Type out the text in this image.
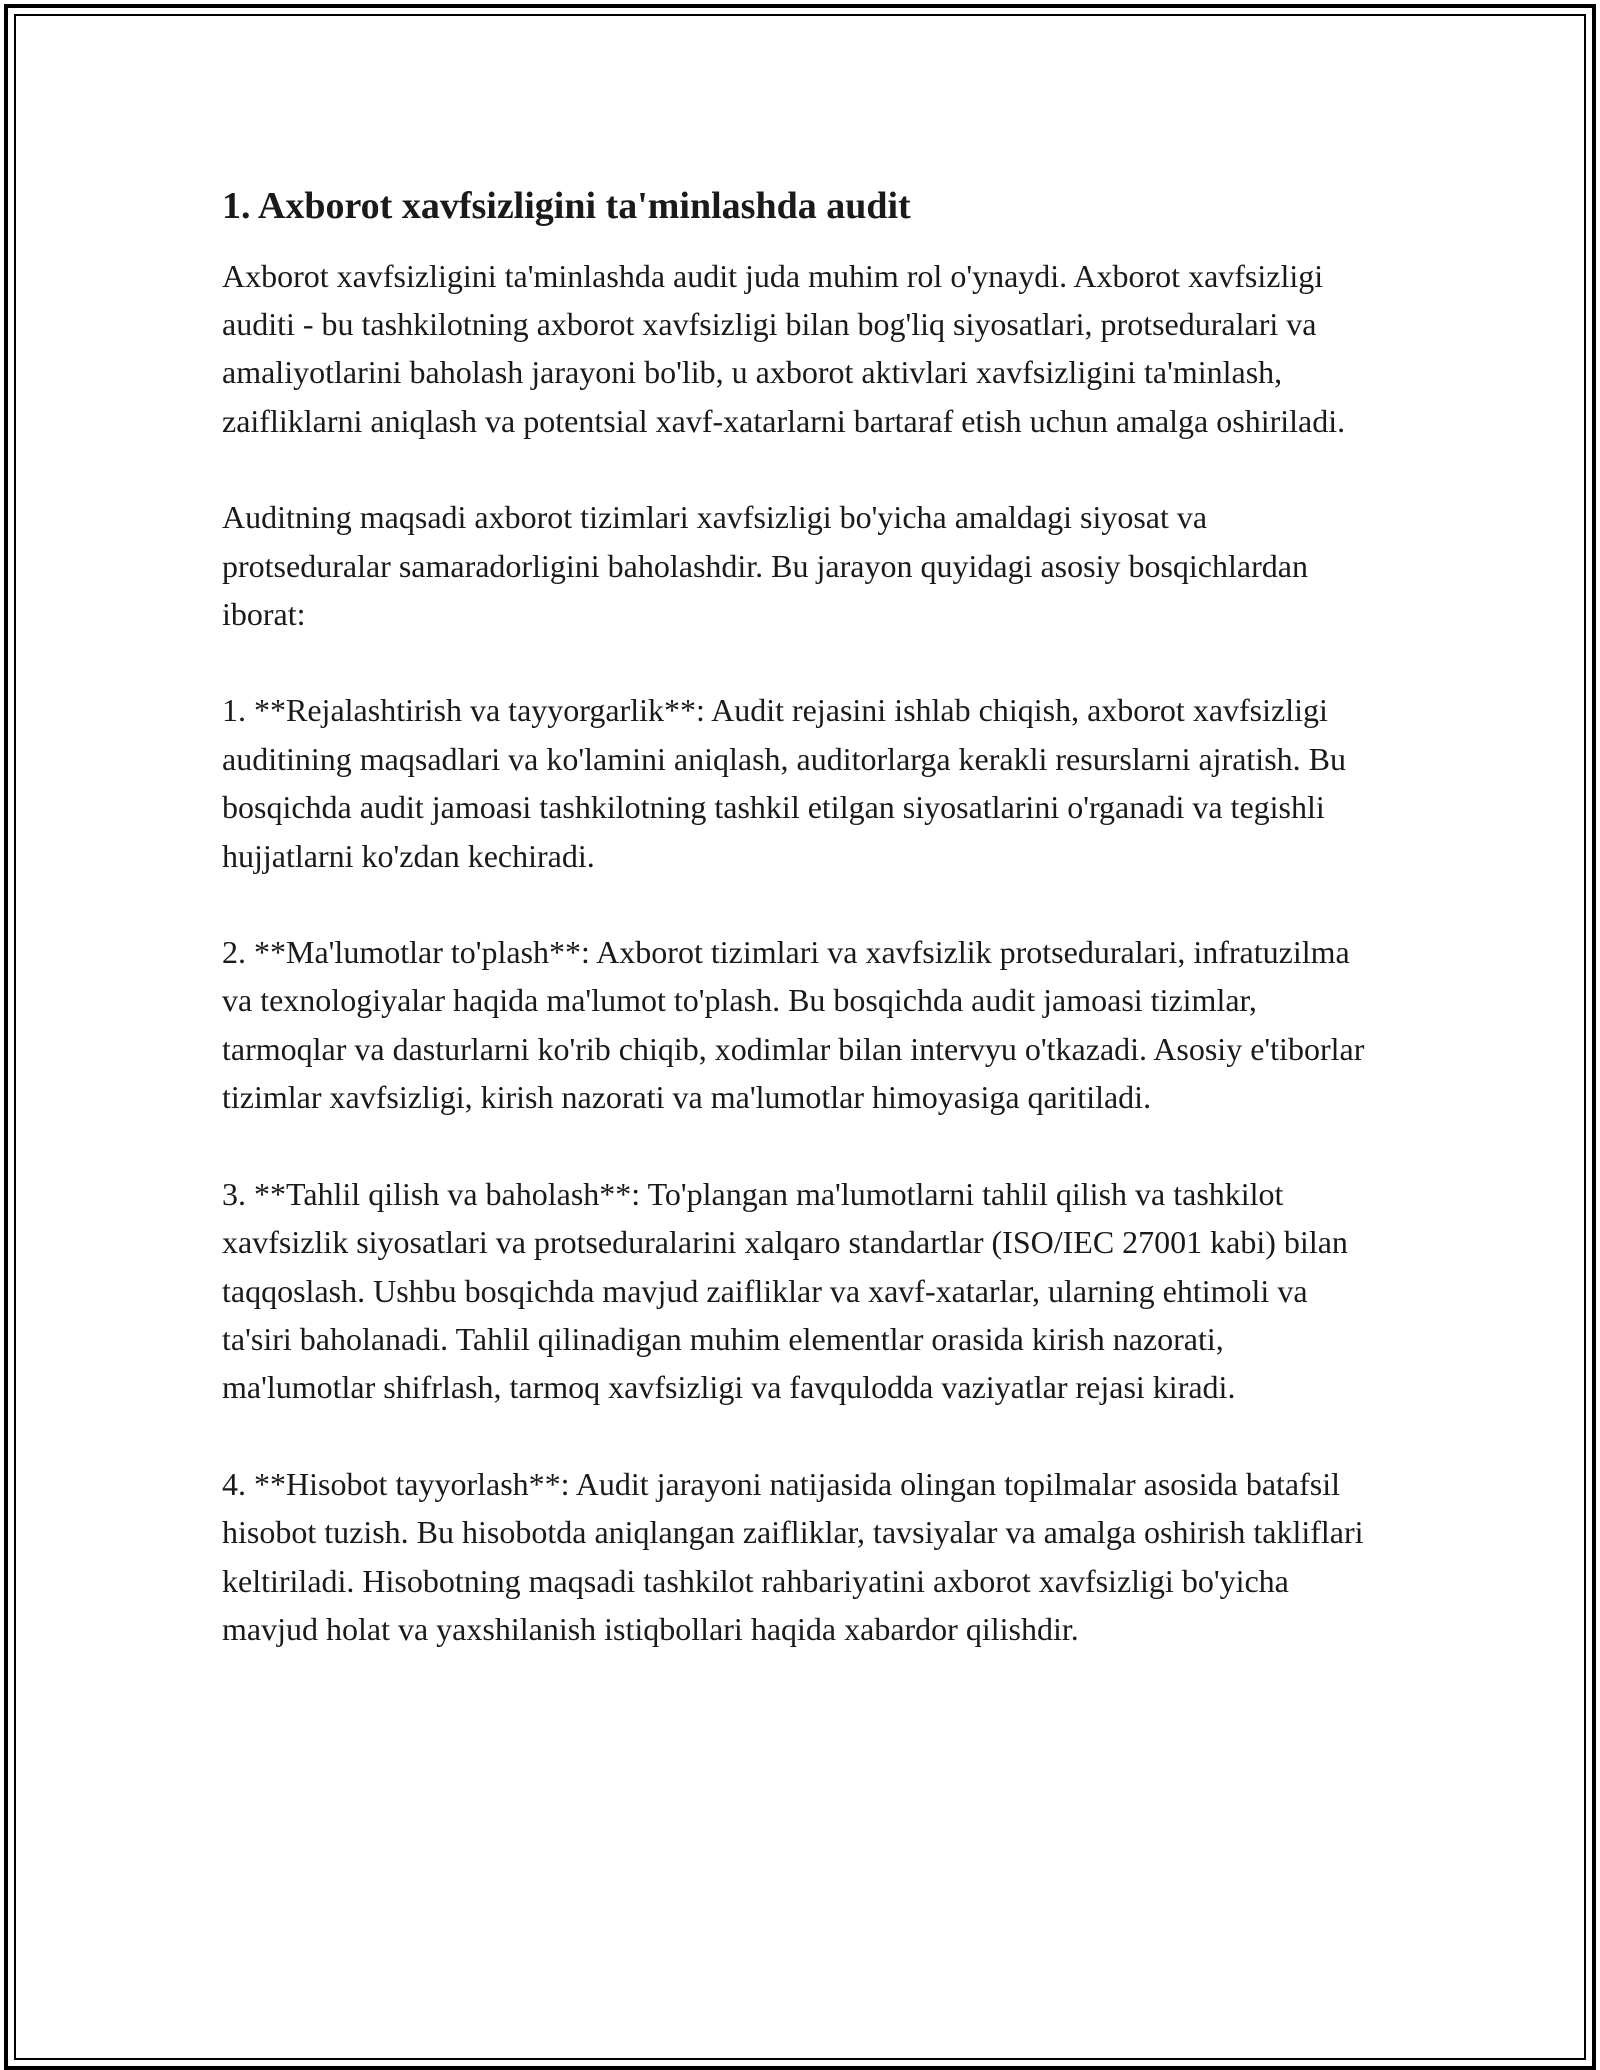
1. Axborot xavfsizligini ta'minlashda audit

Axborot xavfsizligini ta'minlashda audit juda muhim rol o'ynaydi. Axborot xavfsizligi auditi - bu tashkilotning axborot xavfsizligi bilan bog'liq siyosatlari, protseduralari va amaliyotlarini baholash jarayoni bo'lib, u axborot aktivlari xavfsizligini ta'minlash, zaifliklarni aniqlash va potentsial xavf-xatarlarni bartaraf etish uchun amalga oshiriladi.

Auditning maqsadi axborot tizimlari xavfsizligi bo'yicha amaldagi siyosat va protseduralar samaradorligini baholashdir. Bu jarayon quyidagi asosiy bosqichlardan iborat:

1. **Rejalashtirish va tayyorgarlik**: Audit rejasini ishlab chiqish, axborot xavfsizligi auditining maqsadlari va ko'lamini aniqlash, auditorlarga kerakli resurslarni ajratish. Bu bosqichda audit jamoasi tashkilotning tashkil etilgan siyosatlarini o'rganadi va tegishli hujjatlarni ko'zdan kechiradi.

2. **Ma'lumotlar to'plash**: Axborot tizimlari va xavfsizlik protseduralari, infratuzilma va texnologiyalar haqida ma'lumot to'plash. Bu bosqichda audit jamoasi tizimlar, tarmoqlar va dasturlarni ko'rib chiqib, xodimlar bilan intervyu o'tkazadi. Asosiy e'tiborlar tizimlar xavfsizligi, kirish nazorati va ma'lumotlar himoyasiga qaritiladi.

3. **Tahlil qilish va baholash**: To'plangan ma'lumotlarni tahlil qilish va tashkilot xavfsizlik siyosatlari va protseduralarini xalqaro standartlar (ISO/IEC 27001 kabi) bilan taqqoslash. Ushbu bosqichda mavjud zaifliklar va xavf-xatarlar, ularning ehtimoli va ta'siri baholanadi. Tahlil qilinadigan muhim elementlar orasida kirish nazorati, ma'lumotlar shifrlash, tarmoq xavfsizligi va favqulodda vaziyatlar rejasi kiradi.

4. **Hisobot tayyorlash**: Audit jarayoni natijasida olingan topilmalar asosida batafsil hisobot tuzish. Bu hisobotda aniqlangan zaifliklar, tavsiyalar va amalga oshirish takliflari keltiriladi. Hisobotning maqsadi tashkilot rahbariyatini axborot xavfsizligi bo'yicha mavjud holat va yaxshilanish istiqbollari haqida xabardor qilishdir.
